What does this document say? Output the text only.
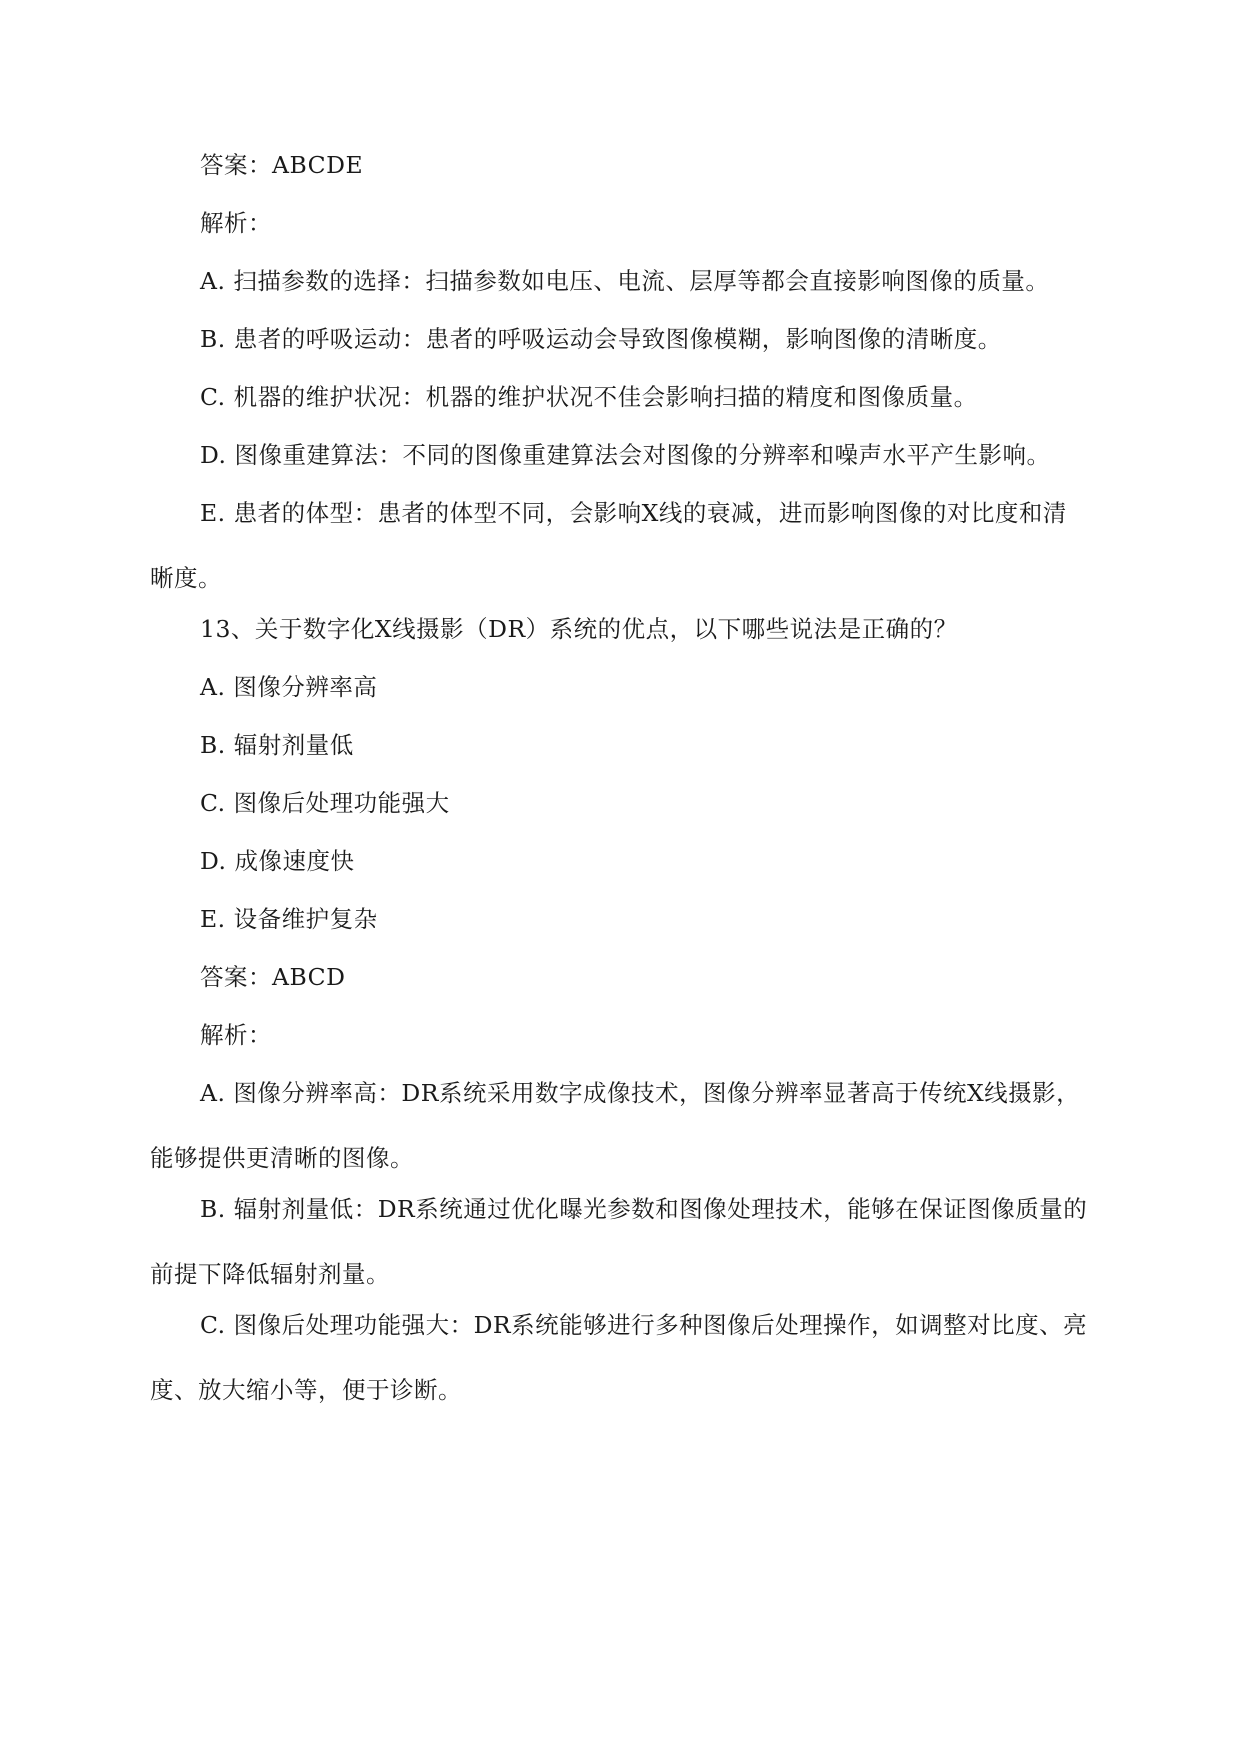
答案：ABCDE

解析：

A. 扫描参数的选择：扫描参数如电压、电流、层厚等都会直接影响图像的质量。

B. 患者的呼吸运动：患者的呼吸运动会导致图像模糊，影响图像的清晰度。

C. 机器的维护状况：机器的维护状况不佳会影响扫描的精度和图像质量。

D. 图像重建算法：不同的图像重建算法会对图像的分辨率和噪声水平产生影响。

E. 患者的体型：患者的体型不同，会影响X线的衰减，进而影响图像的对比度和清晰度。

13、关于数字化X线摄影（DR）系统的优点，以下哪些说法是正确的？

A. 图像分辨率高

B. 辐射剂量低

C. 图像后处理功能强大

D. 成像速度快

E. 设备维护复杂

答案：ABCD

解析：

A. 图像分辨率高：DR系统采用数字成像技术，图像分辨率显著高于传统X线摄影，能够提供更清晰的图像。

B. 辐射剂量低：DR系统通过优化曝光参数和图像处理技术，能够在保证图像质量的前提下降低辐射剂量。

C. 图像后处理功能强大：DR系统能够进行多种图像后处理操作，如调整对比度、亮度、放大缩小等，便于诊断。
